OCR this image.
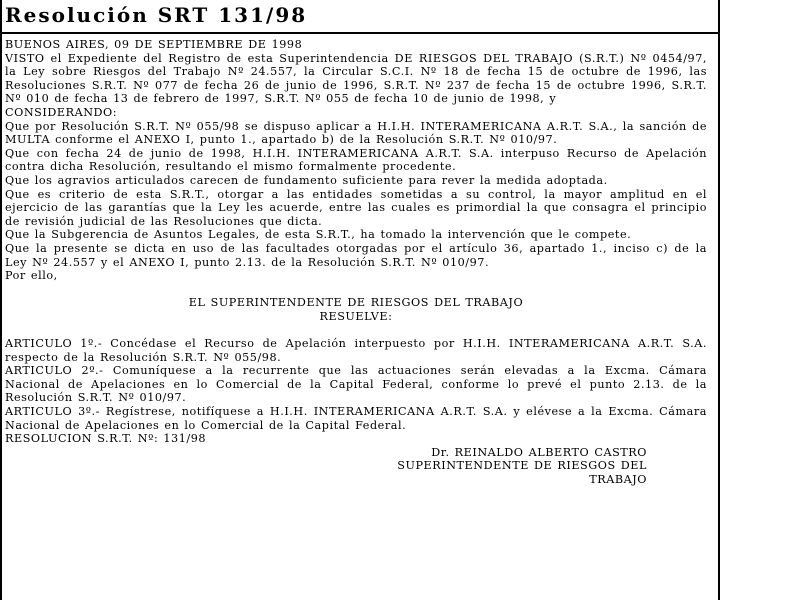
Resolución SRT 131/98

BUENOS AIRES, 09 DE SEPTIEMBRE DE 1998

VISTO el Expediente del Registro de esta Superintendencia DE RIESGOS DEL TRABAJO (S.R.T.) Nº 0454/97, la Ley sobre Riesgos del Trabajo Nº 24.557, la Circular S.C.I. Nº 18 de fecha 15 de octubre de 1996, las Resoluciones S.R.T. Nº 077 de fecha 26 de junio de 1996, S.R.T. Nº 237 de fecha 15 de octubre 1996, S.R.T. Nº 010 de fecha 13 de febrero de 1997, S.R.T. Nº 055 de fecha 10 de junio de 1998, y

CONSIDERANDO:

Que por Resolución S.R.T. Nº 055/98 se dispuso aplicar a H.I.H. INTERAMERICANA A.R.T. S.A., la sanción de MULTA conforme el ANEXO I, punto 1., apartado b) de la Resolución S.R.T. Nº 010/97.

Que con fecha 24 de junio de 1998, H.I.H. INTERAMERICANA A.R.T. S.A. interpuso Recurso de Apelación contra dicha Resolución, resultando el mismo formalmente procedente.

Que los agravios articulados carecen de fundamento suficiente para rever la medida adoptada.

Que es criterio de esta S.R.T., otorgar a las entidades sometidas a su control, la mayor amplitud en el ejercicio de las garantías que la Ley les acuerde, entre las cuales es primordial la que consagra el principio de revisión judicial de las Resoluciones que dicta.

Que la Subgerencia de Asuntos Legales, de esta S.R.T., ha tomado la intervención que le compete.

Que la presente se dicta en uso de las facultades otorgadas por el artículo 36, apartado 1., inciso c) de la Ley Nº 24.557 y el ANEXO I, punto 2.13. de la Resolución S.R.T. Nº 010/97.

Por ello,

EL SUPERINTENDENTE DE RIESGOS DEL TRABAJO

RESUELVE:

ARTICULO 1º.- Concédase el Recurso de Apelación interpuesto por H.I.H. INTERAMERICANA A.R.T. S.A. respecto de la Resolución S.R.T. Nº 055/98.

ARTICULO 2º.- Comuníquese a la recurrente que las actuaciones serán elevadas a la Excma. Cámara Nacional de Apelaciones en lo Comercial de la Capital Federal, conforme lo prevé el punto 2.13. de la Resolución S.R.T. Nº 010/97.

ARTICULO 3º.- Regístrese, notifíquese a H.I.H. INTERAMERICANA A.R.T. S.A. y elévese a la Excma. Cámara Nacional de Apelaciones en lo Comercial de la Capital Federal.

RESOLUCION S.R.T. Nº: 131/98

Dr. REINALDO ALBERTO CASTRO
SUPERINTENDENTE DE RIESGOS DEL
TRABAJO
